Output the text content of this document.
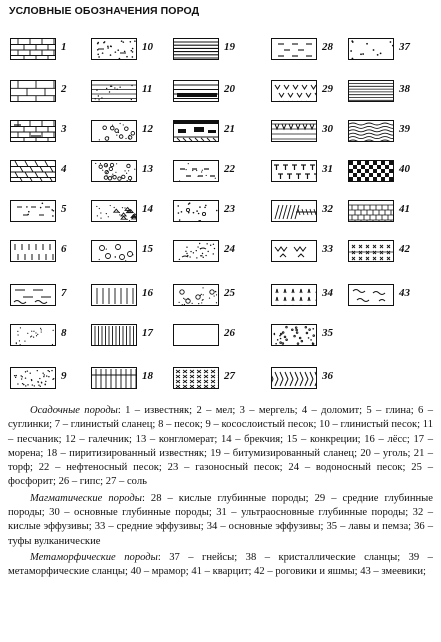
УСЛОВНЫЕ ОБОЗНАЧЕНИЯ ПОРОД
1
2
3
4
5
6
7
8
9
10
11
12
13
14
15
16
17
18
19
20
21
22
23
24
25
26
27
28
29
30
31
32
33
34
35
36
37
38
39
40
41
42
43

Осадочные породы: 1 – известняк; 2 – мел; 3 – мергель; 4 – доломит; 5 – глина; 6 – суглинки; 7 – глинистый сланец; 8 – песок; 9 – косослоистый песок; 10 – глинистый песок; 11 – песчаник; 12 – галечник; 13 – конгломерат; 14 – брекчия; 15 – конкреции; 16 – лёсс; 17 – морена; 18 – пиритизированный известняк; 19 – битумизированный сланец; 20 – уголь; 21 – торф; 22 – нефтеносный песок; 23 – газоносный песок; 24 – водоносный песок; 25 – фосфорит; 26 – гипс; 27 – соль

Магматические породы: 28 – кислые глубинные породы; 29 – средние глубинные породы; 30 – основные глубинные породы; 31 – ультраосновные глубинные породы; 32 – кислые эффузивы; 33 – средние эффузивы; 34 – основные эффузивы; 35 – лавы и пемза; 36 – туфы вулканические

Метаморфические породы: 37 – гнейсы; 38 – кристаллические сланцы; 39 – метаморфические сланцы; 40 – мрамор; 41 – кварцит; 42 – роговики и яшмы; 43 – змеевики;
